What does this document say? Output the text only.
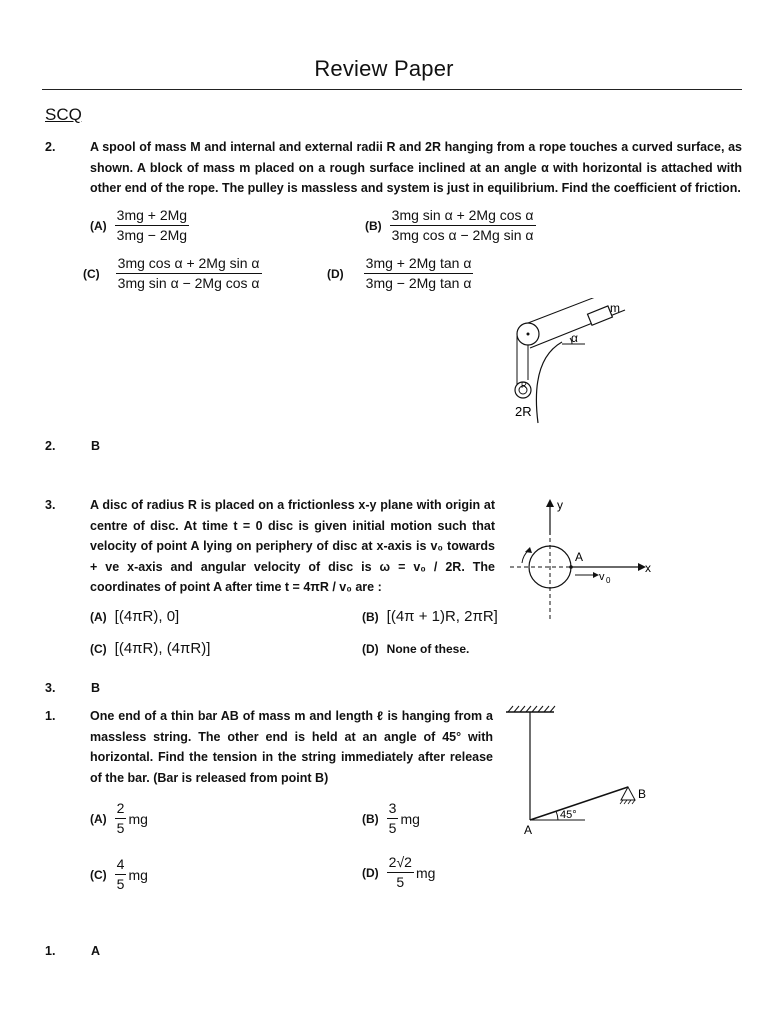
Review Paper
SCQ
2.	A spool of mass M and internal and external radii R and 2R hanging from a rope touches a curved surface, as shown. A block of mass m placed on a rough surface inclined at an angle α with horizontal is attached with other end of the rope. The pulley is massless and system is just in equilibrium. Find the coefficient of friction.
$(A) \frac{3mg + 2Mg}{3mg - 2Mg}$	$(B) \frac{\text{3mg sin α + 2Mg cos α}}{\text{3mg cos α − 2Mg sin α}}$
$(C) \frac{\text{3mg cos α + 2Mg sin α}}{\text{3mg sin α − 2Mg cos α}}$	$(D) \frac{\text{3mg + 2Mg tan α}}{\text{3mg − 2Mg tan α}}$
m
α
R
2R
2.	B
3.	A disc of radius R is placed on a frictionless x-y plane with origin at centre of disc. At time t = 0 disc is given initial motion such that velocity of point A lying on periphery of disc at x-axis is v₀ towards + ve x-axis and angular velocity of disc is ω = v₀ / 2R. The coordinates of point A after time t = 4πR / v₀ are :
(A) [(4πR), 0]	(B) [(4π + 1)R, 2πR]
(C) [(4πR), (4πR)]	(D) None of these.
y
x
A
v 0
3.	B
1.	One end of a thin bar AB of mass m and length ℓ is hanging from a massless string. The other end is held at an angle of 45° with horizontal. Find the tension in the string immediately after release of the bar. (Bar is released from point B)
$(A) \frac{2}{5}$ mg	$(B) \frac{3}{5}$ mg
$(C) \frac{4}{5}$ mg	$(D) \frac{2√2}{5}$ mg
45°
B
A
1.	A
